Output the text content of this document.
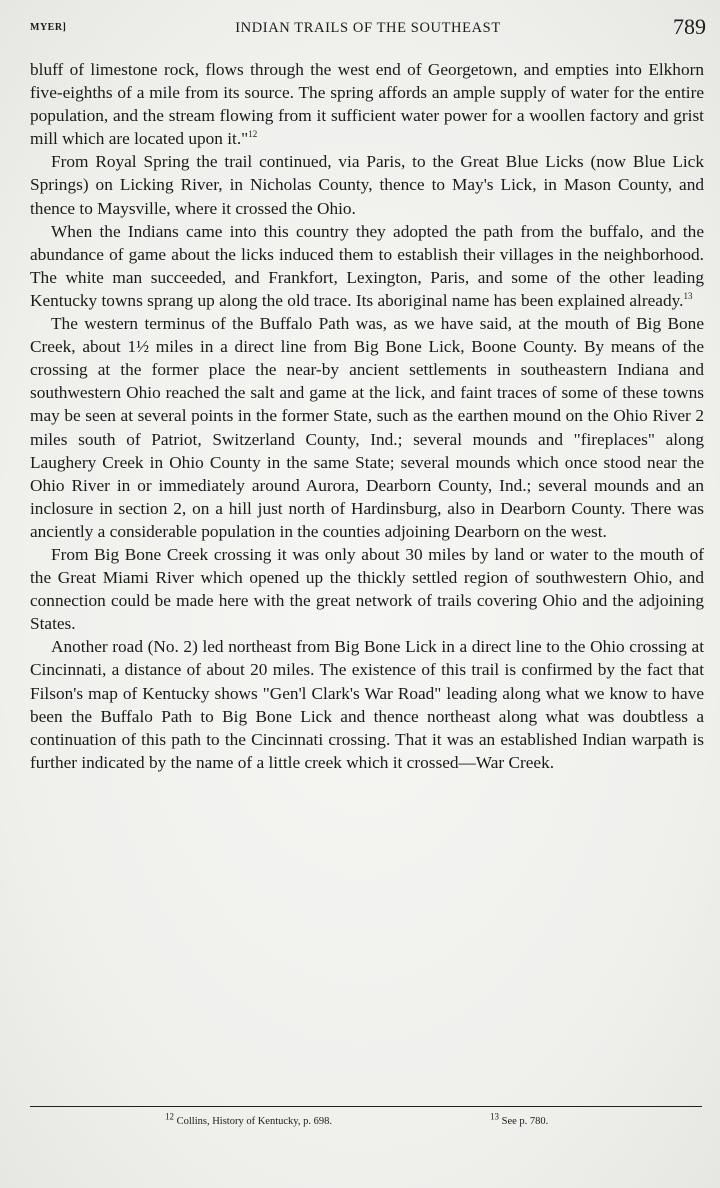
MYER]	INDIAN TRAILS OF THE SOUTHEAST	789

bluff of limestone rock, flows through the west end of Georgetown, and empties into Elkhorn five-eighths of a mile from its source. The spring affords an ample supply of water for the entire population, and the stream flowing from it sufficient water power for a woollen factory and grist mill which are located upon it."$^{12}$

From Royal Spring the trail continued, via Paris, to the Great Blue Licks (now Blue Lick Springs) on Licking River, in Nicholas County, thence to May's Lick, in Mason County, and thence to Maysville, where it crossed the Ohio.

When the Indians came into this country they adopted the path from the buffalo, and the abundance of game about the licks induced them to establish their villages in the neighborhood. The white man succeeded, and Frankfort, Lexington, Paris, and some of the other leading Kentucky towns sprang up along the old trace. Its aboriginal name has been explained already.$^{13}$

The western terminus of the Buffalo Path was, as we have said, at the mouth of Big Bone Creek, about 1½ miles in a direct line from Big Bone Lick, Boone County. By means of the crossing at the former place the near-by ancient settlements in southeastern Indiana and southwestern Ohio reached the salt and game at the lick, and faint traces of some of these towns may be seen at several points in the former State, such as the earthen mound on the Ohio River 2 miles south of Patriot, Switzerland County, Ind.; several mounds and "fireplaces" along Laughery Creek in Ohio County in the same State; several mounds which once stood near the Ohio River in or immediately around Aurora, Dearborn County, Ind.; several mounds and an inclosure in section 2, on a hill just north of Hardinsburg, also in Dearborn County. There was anciently a considerable population in the counties adjoining Dearborn on the west.

From Big Bone Creek crossing it was only about 30 miles by land or water to the mouth of the Great Miami River which opened up the thickly settled region of southwestern Ohio, and connection could be made here with the great network of trails covering Ohio and the adjoining States.

Another road (No. 2) led northeast from Big Bone Lick in a direct line to the Ohio crossing at Cincinnati, a distance of about 20 miles. The existence of this trail is confirmed by the fact that Filson's map of Kentucky shows "Gen'l Clark's War Road" leading along what we know to have been the Buffalo Path to Big Bone Lick and thence northeast along what was doubtless a continuation of this path to the Cincinnati crossing. That it was an established Indian warpath is further indicated by the name of a little creek which it crossed—War Creek.

$^{12}$ Collins, History of Kentucky, p. 698.	$^{13}$ See p. 780.
